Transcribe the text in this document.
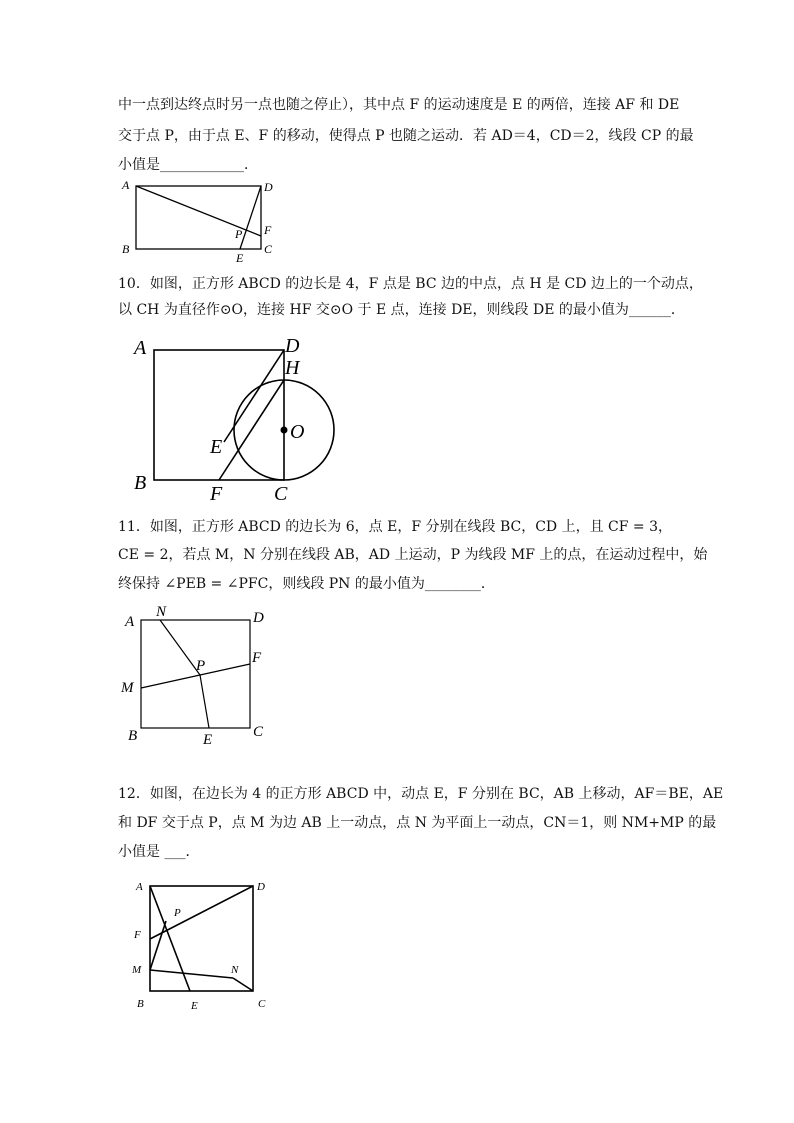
中一点到达终点时另一点也随之停止），其中点 F 的运动速度是 E 的两倍，连接 AF 和 DE
交于点 P，由于点 E、F 的移动，使得点 P 也随之运动．若 AD＝4，CD＝2，线段 CP 的最
小值是____________．
A	D
B	C
P F
E
10．如图，正方形 ABCD 的边长是 4，F 点是 BC 边的中点，点 H 是 CD 边上的一个动点，
以 CH 为直径作⊙O，连接 HF 交⊙O 于 E 点，连接 DE，则线段 DE 的最小值为______．
A	D
H
O
E
B	F	C
11．如图，正方形 ABCD 的边长为 6，点 E，F 分别在线段 BC，CD 上，且 CF = 3，
CE = 2，若点 M，N 分别在线段 AB，AD 上运动，P 为线段 MF 上的点，在运动过程中，始
终保持 ∠PEB = ∠PFC，则线段 PN 的最小值为________．
N
A	D
P	F
M
B	E	C
12．如图，在边长为 4 的正方形 ABCD 中，动点 E，F 分别在 BC，AB 上移动，AF＝BE，AE
和 DF 交于点 P，点 M 为边 AB 上一动点，点 N 为平面上一动点，CN＝1，则 NM+MP 的最
小值是 ___．
A	D
P
F
M	N
B	E	C
